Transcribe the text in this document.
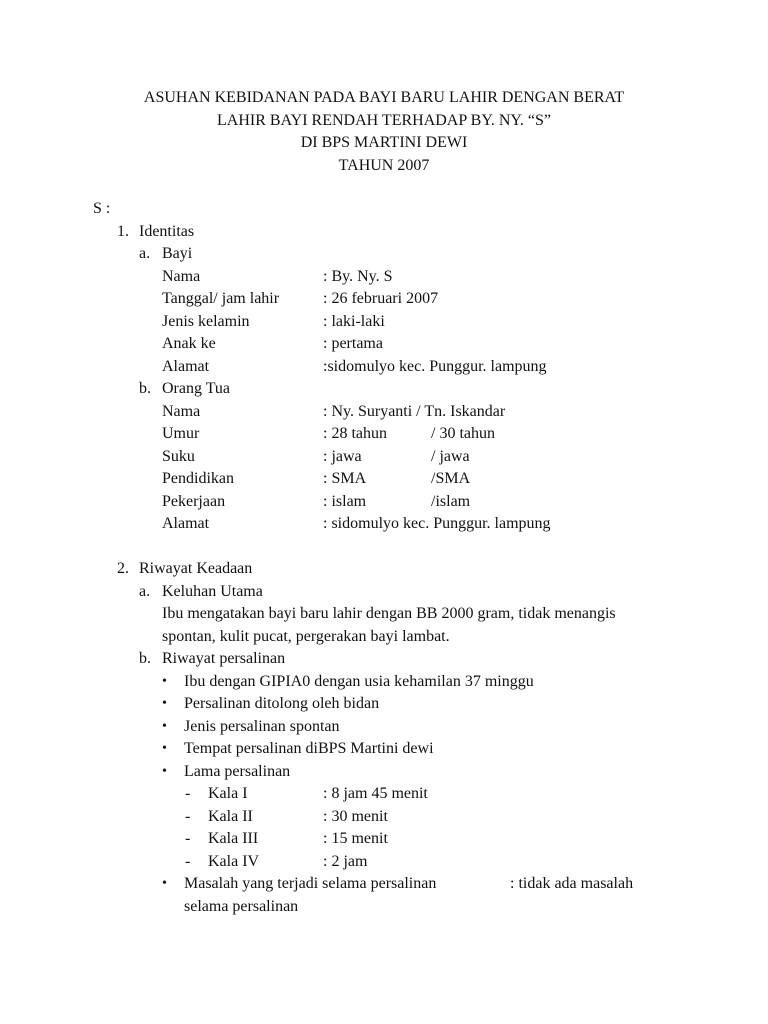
ASUHAN KEBIDANAN PADA BAYI BARU LAHIR DENGAN BERAT
LAHIR BAYI RENDAH TERHADAP BY. NY. “S”
DI BPS MARTINI DEWI
TAHUN 2007
S :
1. Identitas
a. Bayi
Nama	: By. Ny. S
Tanggal/ jam lahir	: 26 februari 2007
Jenis kelamin	: laki-laki
Anak ke	: pertama
Alamat	:sidomulyo kec. Punggur. lampung
b. Orang Tua
Nama	: Ny. Suryanti / Tn. Iskandar
Umur	: 28 tahun	/ 30 tahun
Suku	: jawa	/ jawa
Pendidikan	: SMA	/SMA
Pekerjaan	: islam	/islam
Alamat	: sidomulyo kec. Punggur. lampung
2. Riwayat Keadaan
a. Keluhan Utama
Ibu mengatakan bayi baru lahir dengan BB 2000 gram, tidak menangis
spontan, kulit pucat, pergerakan bayi lambat.
b. Riwayat persalinan
• Ibu dengan GIPIA0 dengan usia kehamilan 37 minggu
• Persalinan ditolong oleh bidan
• Jenis persalinan spontan
• Tempat persalinan diBPS Martini dewi
• Lama persalinan
- Kala I	: 8 jam 45 menit
- Kala II	: 30 menit
- Kala III	: 15 menit
- Kala IV	: 2 jam
• Masalah yang terjadi selama persalinan	: tidak ada masalah
selama persalinan
